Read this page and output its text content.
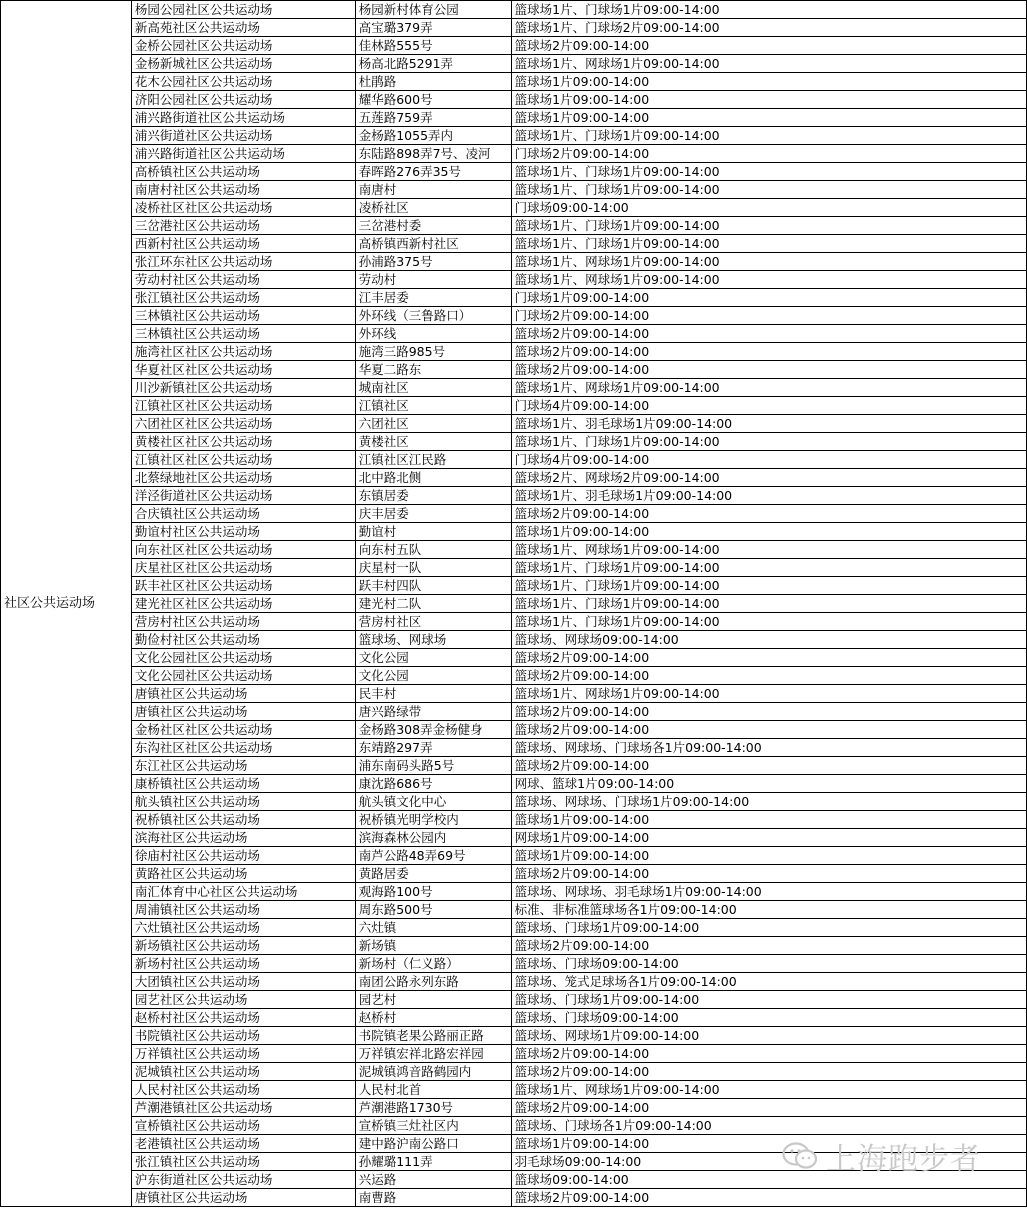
社区公共运动场	杨园公园社区公共运动场	杨园新村体育公园	篮球场1片、门球场1片09:00-14:00
	新高苑社区公共运动场	高宝璐379弄	篮球场1片、门球场2片09:00-14:00
	金桥公园社区公共运动场	佳林路555号	篮球场2片09:00-14:00
	金杨新城社区公共运动场	杨高北路5291弄	篮球场1片、网球场1片09:00-14:00
	花木公园社区公共运动场	杜鹃路	篮球场1片09:00-14:00
	济阳公园社区公共运动场	耀华路600号	篮球场1片09:00-14:00
	浦兴路街道社区公共运动场	五莲路759弄	篮球场1片09:00-14:00
	浦兴街道社区公共运动场	金杨路1055弄内	篮球场1片、门球场1片09:00-14:00
	浦兴路街道社区公共运动场	东陆路898弄7号、凌河	门球场2片09:00-14:00
	高桥镇社区公共运动场	春晖路276弄35号	篮球场1片、门球场1片09:00-14:00
	南唐村社区公共运动场	南唐村	篮球场1片、门球场1片09:00-14:00
	凌桥社区社区公共运动场	凌桥社区	门球场09:00-14:00
	三岔港社区公共运动场	三岔港村委	篮球场1片、门球场1片09:00-14:00
	西新村社区公共运动场	高桥镇西新村社区	篮球场1片、门球场1片09:00-14:00
	张江环东社区公共运动场	孙浦路375号	篮球场1片、网球场1片09:00-14:00
	劳动村社区公共运动场	劳动村	篮球场1片、网球场1片09:00-14:00
	张江镇社区公共运动场	江丰居委	门球场1片09:00-14:00
	三林镇社区公共运动场	外环线（三鲁路口）	门球场2片09:00-14:00
	三林镇社区公共运动场	外环线	篮球场2片09:00-14:00
	施湾社区社区公共运动场	施湾三路985号	篮球场2片09:00-14:00
	华夏社区社区公共运动场	华夏二路东	篮球场2片09:00-14:00
	川沙新镇社区公共运动场	城南社区	篮球场1片、网球场1片09:00-14:00
	江镇社区社区公共运动场	江镇社区	门球场4片09:00-14:00
	六团社区社区公共运动场	六团社区	篮球场1片、羽毛球场1片09:00-14:00
	黄楼社区社区公共运动场	黄楼社区	篮球场1片、门球场1片09:00-14:00
	江镇社区社区公共运动场	江镇社区江民路	门球场4片09:00-14:00
	北蔡绿地社区公共运动场	北中路北侧	篮球场2片、网球场2片09:00-14:00
	洋泾街道社区公共运动场	东镇居委	篮球场1片、羽毛球场1片09:00-14:00
	合庆镇社区公共运动场	庆丰居委	篮球场2片09:00-14:00
	勤谊村社区公共运动场	勤谊村	篮球场1片09:00-14:00
	向东社区社区公共运动场	向东村五队	篮球场1片、网球场1片09:00-14:00
	庆星社区社区公共运动场	庆星村一队	篮球场1片、门球场1片09:00-14:00
	跃丰社区社区公共运动场	跃丰村四队	篮球场1片、门球场1片09:00-14:00
	建光社区社区公共运动场	建光村二队	篮球场1片、门球场1片09:00-14:00
	营房村社区公共运动场	营房村社区	篮球场1片、门球场1片09:00-14:00
	勤俭村社区公共运动场	篮球场、网球场	篮球场、网球场09:00-14:00
	文化公园社区公共运动场	文化公园	篮球场2片09:00-14:00
	文化公园社区公共运动场	文化公园	篮球场2片09:00-14:00
	唐镇社区公共运动场	民丰村	篮球场1片、网球场1片09:00-14:00
	唐镇社区公共运动场	唐兴路绿带	篮球场2片09:00-14:00
	金杨社区社区公共运动场	金杨路308弄金杨健身	篮球场2片09:00-14:00
	东沟社区社区公共运动场	东靖路297弄	篮球场、网球场、门球场各1片09:00-14:00
	东江社区公共运动场	浦东南码头路5号	篮球场2片09:00-14:00
	康桥镇社区公共运动场	康沈路686号	网球、篮球1片09:00-14:00
	航头镇社区公共运动场	航头镇文化中心	篮球场、网球场、门球场1片09:00-14:00
	祝桥镇社区公共运动场	祝桥镇光明学校内	篮球场1片09:00-14:00
	滨海社区公共运动场	滨海森林公园内	网球场1片09:00-14:00
	徐庙村社区公共运动场	南芦公路48弄69号	篮球场1片09:00-14:00
	黄路社区公共运动场	黄路居委	篮球场2片09:00-14:00
	南汇体育中心社区公共运动场	观海路100号	篮球场、网球场、羽毛球场1片09:00-14:00
	周浦镇社区公共运动场	周东路500号	标准、非标准篮球场各1片09:00-14:00
	六灶镇社区公共运动场	六灶镇	篮球场、门球场1片09:00-14:00
	新场镇社区公共运动场	新场镇	篮球场2片09:00-14:00
	新场村社区公共运动场	新场村（仁义路）	篮球场、门球场09:00-14:00
	大团镇社区公共运动场	南团公路永列东路	篮球场、笼式足球场各1片09:00-14:00
	园艺社区公共运动场	园艺村	篮球场、门球场1片09:00-14:00
	赵桥村社区公共运动场	赵桥村	篮球场、门球场09:00-14:00
	书院镇社区公共运动场	书院镇老果公路丽正路	篮球场、网球场1片09:00-14:00
	万祥镇社区公共运动场	万祥镇宏祥北路宏祥园	篮球场2片09:00-14:00
	泥城镇社区公共运动场	泥城镇鸿音路鹤园内	篮球场2片09:00-14:00
	人民村社区公共运动场	人民村北首	篮球场1片、网球场1片09:00-14:00
	芦潮港镇社区公共运动场	芦潮港路1730号	篮球场2片09:00-14:00
	宣桥镇社区公共运动场	宣桥镇三灶社区内	篮球场、门球场各1片09:00-14:00
	老港镇社区公共运动场	建中路沪南公路口	篮球场1片09:00-14:00
	张江镇社区公共运动场	孙耀璐111弄	羽毛球场09:00-14:00
	沪东街道社区公共运动场	兴运路	篮球场09:00-14:00
	唐镇社区公共运动场	南曹路	篮球场2片09:00-14:00
上海跑步者
